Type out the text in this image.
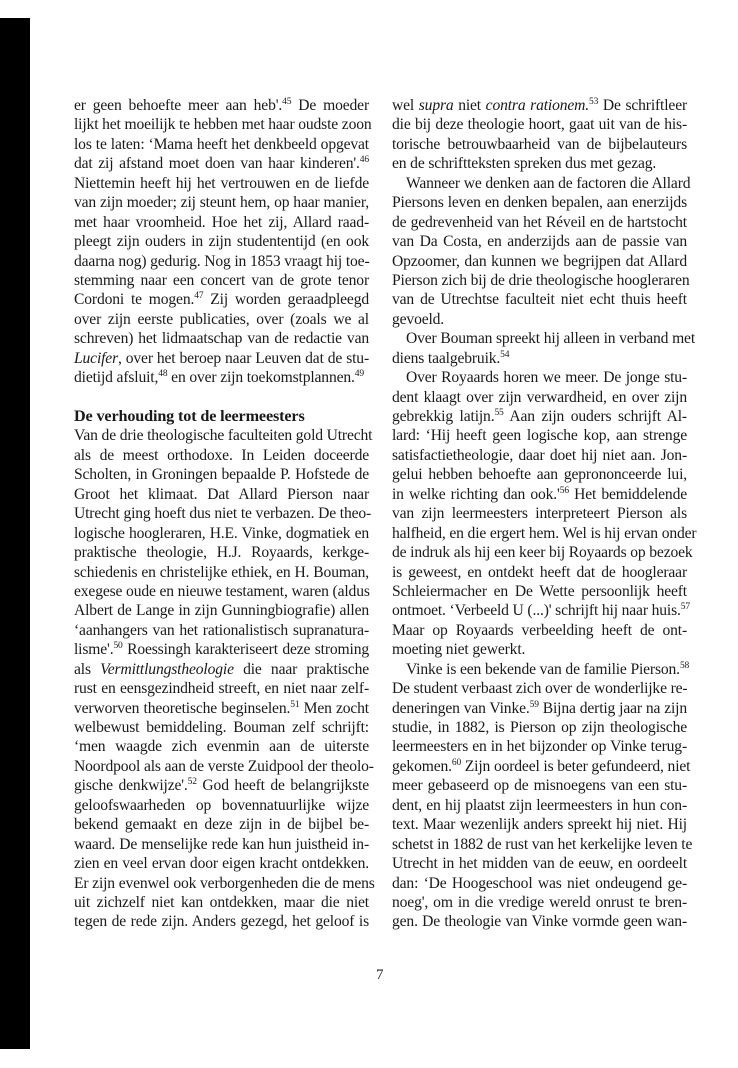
er geen behoefte meer aan heb'.$^{45}$ De moeder
lijkt het moeilijk te hebben met haar oudste zoon
los te laten: ‘Mama heeft het denkbeeld opgevat
dat zij afstand moet doen van haar kinderen'.$^{46}$
Niettemin heeft hij het vertrouwen en de liefde
van zijn moeder; zij steunt hem, op haar manier,
met haar vroomheid. Hoe het zij, Allard raad-
pleegt zijn ouders in zijn studententijd (en ook
daarna nog) gedurig. Nog in 1853 vraagt hij toe-
stemming naar een concert van de grote tenor
Cordoni te mogen.$^{47}$ Zij worden geraadpleegd
over zijn eerste publicaties, over (zoals we al
schreven) het lidmaatschap van de redactie van
Lucifer, over het beroep naar Leuven dat de stu-
dietijd afsluit,$^{48}$ en over zijn toekomstplannen.$^{49}$
De verhouding tot de leermeesters
Van de drie theologische faculteiten gold Utrecht
als de meest orthodoxe. In Leiden doceerde
Scholten, in Groningen bepaalde P. Hofstede de
Groot het klimaat. Dat Allard Pierson naar
Utrecht ging hoeft dus niet te verbazen. De theo-
logische hoogleraren, H.E. Vinke, dogmatiek en
praktische theologie, H.J. Royaards, kerkge-
schiedenis en christelijke ethiek, en H. Bouman,
exegese oude en nieuwe testament, waren (aldus
Albert de Lange in zijn Gunningbiografie) allen
‘aanhangers van het rationalistisch supranatura-
lisme'.$^{50}$ Roessingh karakteriseert deze stroming
als Vermittlungstheologie die naar praktische
rust en eensgezindheid streeft, en niet naar zelf-
verworven theoretische beginselen.$^{51}$ Men zocht
welbewust bemiddeling. Bouman zelf schrijft:
‘men waagde zich evenmin aan de uiterste
Noordpool als aan de verste Zuidpool der theolo-
gische denkwijze'.$^{52}$ God heeft de belangrijkste
geloofswaarheden op bovennatuurlijke wijze
bekend gemaakt en deze zijn in de bijbel be-
waard. De menselijke rede kan hun juistheid in-
zien en veel ervan door eigen kracht ontdekken.
Er zijn evenwel ook verborgenheden die de mens
uit zichzelf niet kan ontdekken, maar die niet
tegen de rede zijn. Anders gezegd, het geloof is
wel supra niet contra rationem.$^{53}$ De schriftleer
die bij deze theologie hoort, gaat uit van de his-
torische betrouwbaarheid van de bijbelauteurs
en de schriftteksten spreken dus met gezag.
Wanneer we denken aan de factoren die Allard
Piersons leven en denken bepalen, aan enerzijds
de gedrevenheid van het Réveil en de hartstocht
van Da Costa, en anderzijds aan de passie van
Opzoomer, dan kunnen we begrijpen dat Allard
Pierson zich bij de drie theologische hoogleraren
van de Utrechtse faculteit niet echt thuis heeft
gevoeld.
Over Bouman spreekt hij alleen in verband met
diens taalgebruik.$^{54}$
Over Royaards horen we meer. De jonge stu-
dent klaagt over zijn verwardheid, en over zijn
gebrekkig latijn.$^{55}$ Aan zijn ouders schrijft Al-
lard: ‘Hij heeft geen logische kop, aan strenge
satisfactietheologie, daar doet hij niet aan. Jon-
gelui hebben behoefte aan geprononceerde lui,
in welke richting dan $ook.'^{56}$ Het bemiddelende
van zijn leermeesters interpreteert Pierson als
halfheid, en die ergert hem. Wel is hij ervan onder
de indruk als hij een keer bij Royaards op bezoek
is geweest, en ontdekt heeft dat de hoogleraar
Schleiermacher en De Wette persoonlijk heeft
ontmoet. ‘Verbeeld U (...)' schrijft hij naar huis.$^{57}$
Maar op Royaards verbeelding heeft de ont-
moeting niet gewerkt.
Vinke is een bekende van de familie Pierson.$^{58}$
De student verbaast zich over de wonderlijke re-
deneringen van Vinke.$^{59}$ Bijna dertig jaar na zijn
studie, in 1882, is Pierson op zijn theologische
leermeesters en in het bijzonder op Vinke terug-
gekomen.$^{60}$ Zijn oordeel is beter gefundeerd, niet
meer gebaseerd op de misnoegens van een stu-
dent, en hij plaatst zijn leermeesters in hun con-
text. Maar wezenlijk anders spreekt hij niet. Hij
schetst in 1882 de rust van het kerkelijke leven te
Utrecht in het midden van de eeuw, en oordeelt
dan: ‘De Hoogeschool was niet ondeugend ge-
noeg', om in die vredige wereld onrust te bren-
gen. De theologie van Vinke vormde geen wan-
7
